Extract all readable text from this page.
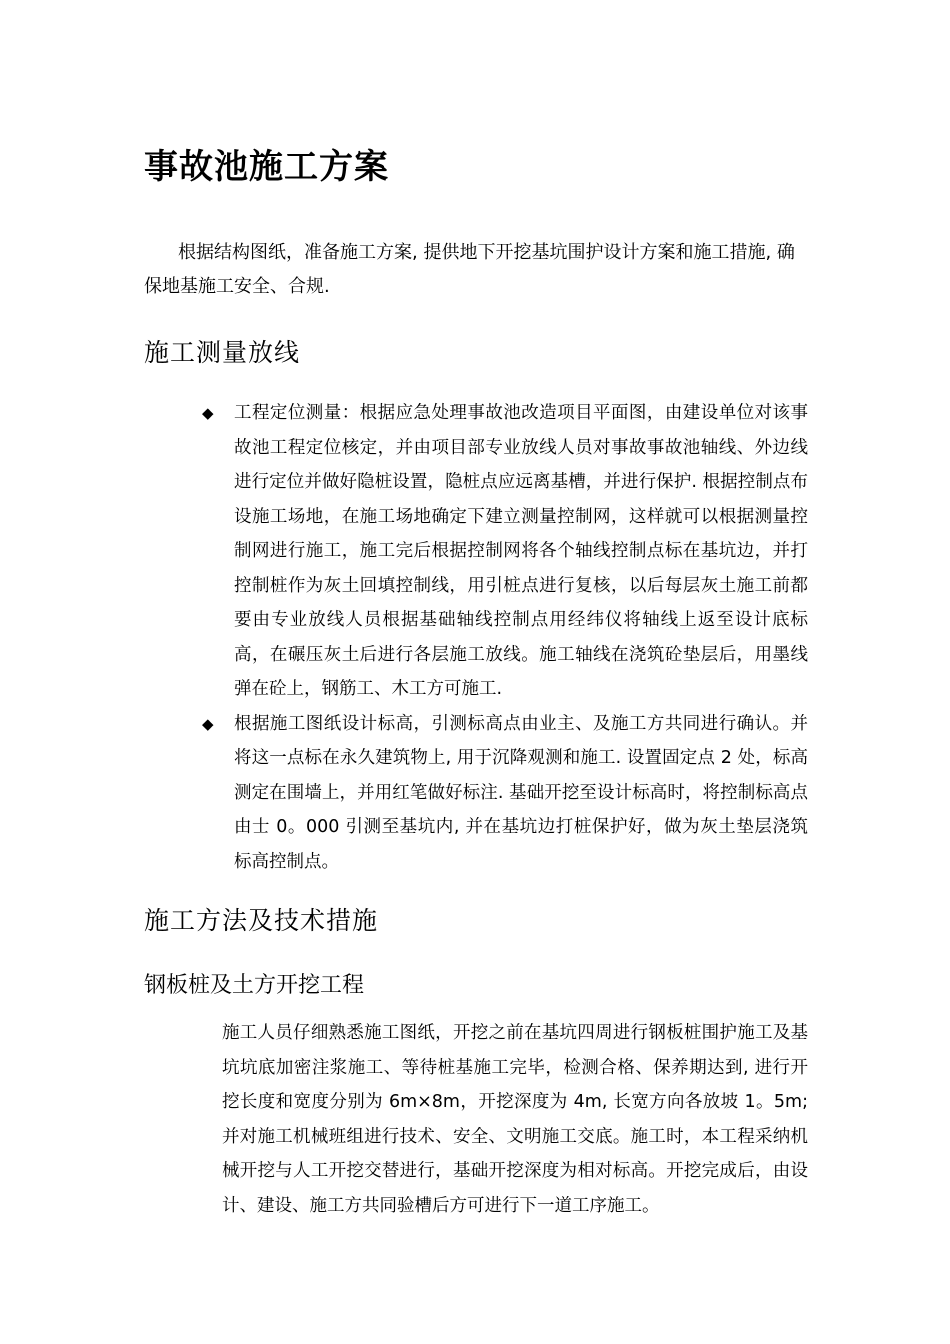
事故池施工方案

根据结构图纸，准备施工方案, 提供地下开挖基坑围护设计方案和施工措施, 确保地基施工安全、合规.

施工测量放线
◆ 工程定位测量：根据应急处理事故池改造项目平面图，由建设单位对该事故池工程定位核定，并由项目部专业放线人员对事故事故池轴线、外边线进行定位并做好隐桩设置，隐桩点应远离基槽，并进行保护. 根据控制点布设施工场地，在施工场地确定下建立测量控制网，这样就可以根据测量控制网进行施工，施工完后根据控制网将各个轴线控制点标在基坑边，并打控制桩作为灰土回填控制线，用引桩点进行复核，以后每层灰土施工前都要由专业放线人员根据基础轴线控制点用经纬仪将轴线上返至设计底标高，在碾压灰土后进行各层施工放线。施工轴线在浇筑砼垫层后，用墨线弹在砼上，钢筋工、木工方可施工.
◆ 根据施工图纸设计标高，引测标高点由业主、及施工方共同进行确认。并将这一点标在永久建筑物上, 用于沉降观测和施工. 设置固定点 2 处，标高测定在围墙上，并用红笔做好标注. 基础开挖至设计标高时，将控制标高点由士 0。000 引测至基坑内, 并在基坑边打桩保护好，做为灰土垫层浇筑标高控制点。
施工方法及技术措施
钢板桩及土方开挖工程

施工人员仔细熟悉施工图纸，开挖之前在基坑四周进行钢板桩围护施工及基坑坑底加密注浆施工、等待桩基施工完毕，检测合格、保养期达到, 进行开挖长度和宽度分别为 6m×8m，开挖深度为 4m, 长宽方向各放坡 1。5m;并对施工机械班组进行技术、安全、文明施工交底。施工时，本工程采纳机械开挖与人工开挖交替进行，基础开挖深度为相对标高。开挖完成后，由设计、建设、施工方共同验槽后方可进行下一道工序施工。
